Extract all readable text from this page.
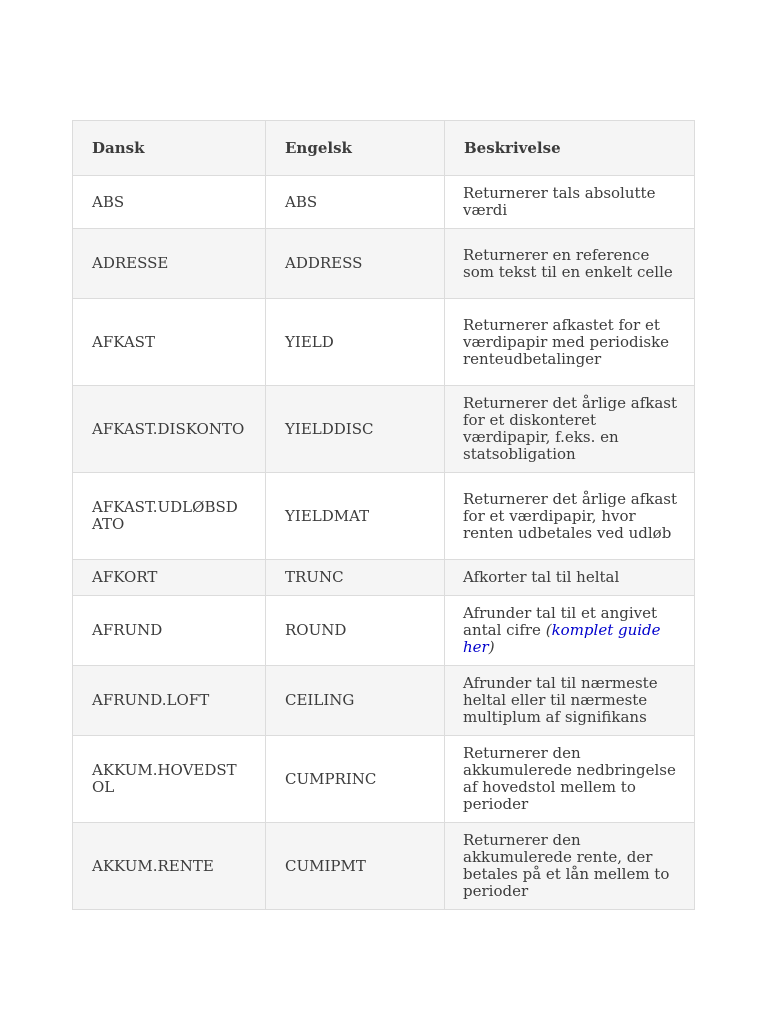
Dansk	Engelsk	Beskrivelse
ABS	ABS	Returnerer tals absolutte værdi
ADRESSE	ADDRESS	Returnerer en reference som tekst til en enkelt celle
AFKAST	YIELD	Returnerer afkastet for et værdipapir med periodiske renteudbetalinger
AFKAST.DISKONTO	YIELDDISC	Returnerer det årlige afkast for et diskonteret værdipapir, f.eks. en statsobligation
AFKAST.UDLØBSDATO	YIELDMAT	Returnerer det årlige afkast for et værdipapir, hvor renten udbetales ved udløb
AFKORT	TRUNC	Afkorter tal til heltal
AFRUND	ROUND	Afrunder tal til et angivet antal cifre (komplet guide her)
AFRUND.LOFT	CEILING	Afrunder tal til nærmeste heltal eller til nærmeste multiplum af signifikans
AKKUM.HOVEDSTOL	CUMPRINC	Returnerer den akkumulerede nedbringelse af hovedstol mellem to perioder
AKKUM.RENTE	CUMIPMT	Returnerer den akkumulerede rente, der betales på et lån mellem to perioder
